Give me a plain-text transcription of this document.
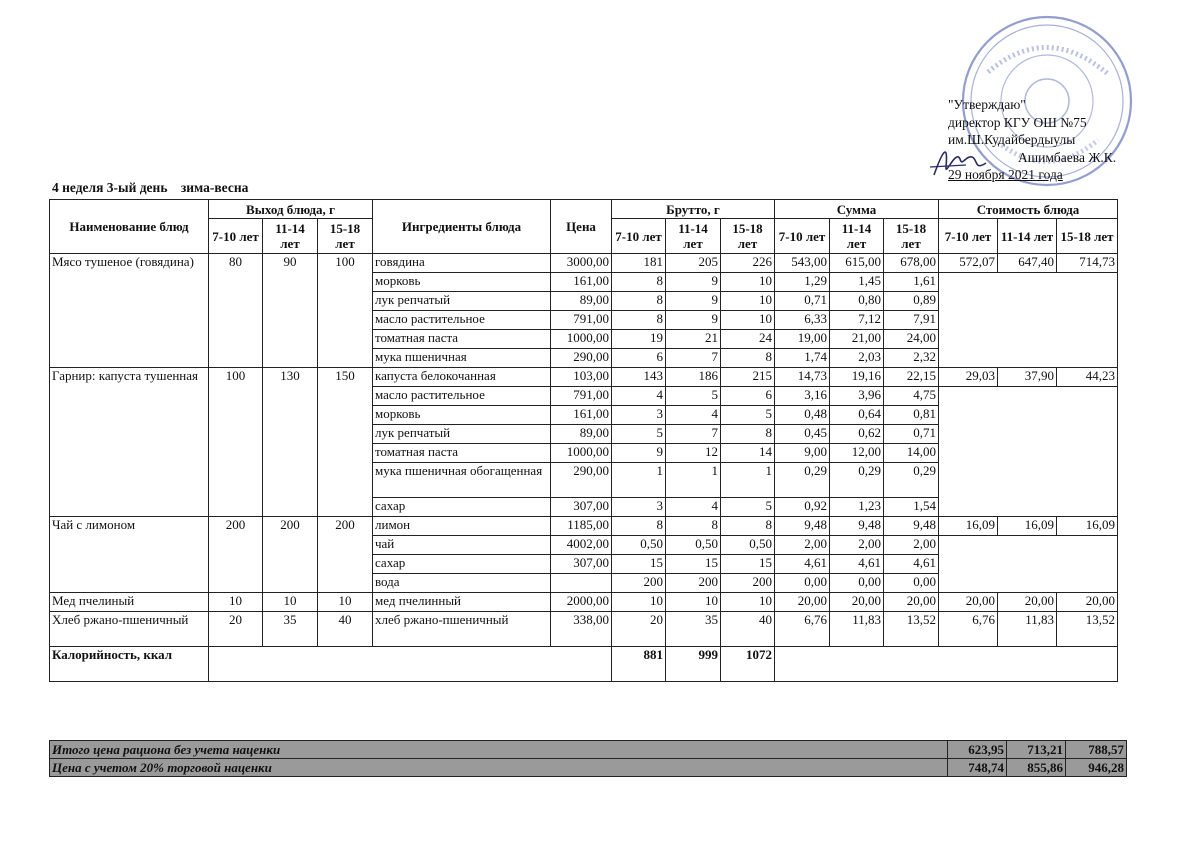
"Утверждаю"
директор КГУ ОШ №75
им.Ш.Кудайбердыулы
Ашимбаева Ж.К.
29 ноября 2021 года
4 неделя 3-ый день зима-весна
Наименование блюд	Выход блюда, г			Ингредиенты блюда	Цена	Брутто, г			Сумма			Стоимость блюда		
	7-10 лет	11-14 лет	15-18 лет			7-10 лет	11-14 лет	15-18 лет	7-10 лет	11-14 лет	15-18 лет	7-10 лет	11-14 лет	15-18 лет
Мясо тушеное (говядина)	80	90	100	говядина	3000,00	181	205	226	543,00	615,00	678,00	572,07	647,40	714,73
				морковь	161,00	8	9	10	1,29	1,45	1,61			
				лук репчатый	89,00	8	9	10	0,71	0,80	0,89			
				масло растительное	791,00	8	9	10	6,33	7,12	7,91			
				томатная паста	1000,00	19	21	24	19,00	21,00	24,00			
				мука пшеничная	290,00	6	7	8	1,74	2,03	2,32			
Гарнир: капуста тушенная	100	130	150	капуста белокочанная	103,00	143	186	215	14,73	19,16	22,15	29,03	37,90	44,23
				масло растительное	791,00	4	5	6	3,16	3,96	4,75			
				морковь	161,00	3	4	5	0,48	0,64	0,81			
				лук репчатый	89,00	5	7	8	0,45	0,62	0,71			
				томатная паста	1000,00	9	12	14	9,00	12,00	14,00			
				мука пшеничная обогащенная	290,00	1	1	1	0,29	0,29	0,29			
				сахар	307,00	3	4	5	0,92	1,23	1,54			
Чай с лимоном	200	200	200	лимон	1185,00	8	8	8	9,48	9,48	9,48	16,09	16,09	16,09
				чай	4002,00	0,50	0,50	0,50	2,00	2,00	2,00			
				сахар	307,00	15	15	15	4,61	4,61	4,61			
				вода		200	200	200	0,00	0,00	0,00			
Мед пчелиный	10	10	10	мед пчелинный	2000,00	10	10	10	20,00	20,00	20,00	20,00	20,00	20,00
Хлеб ржано-пшеничный	20	35	40	хлеб ржано-пшеничный	338,00	20	35	40	6,76	11,83	13,52	6,76	11,83	13,52
Калорийность, ккал						881	999	1072						
Итого цена рациона без учета наценки	623,95	713,21	788,57
Цена с учетом 20% торговой наценки	748,74	855,86	946,28
